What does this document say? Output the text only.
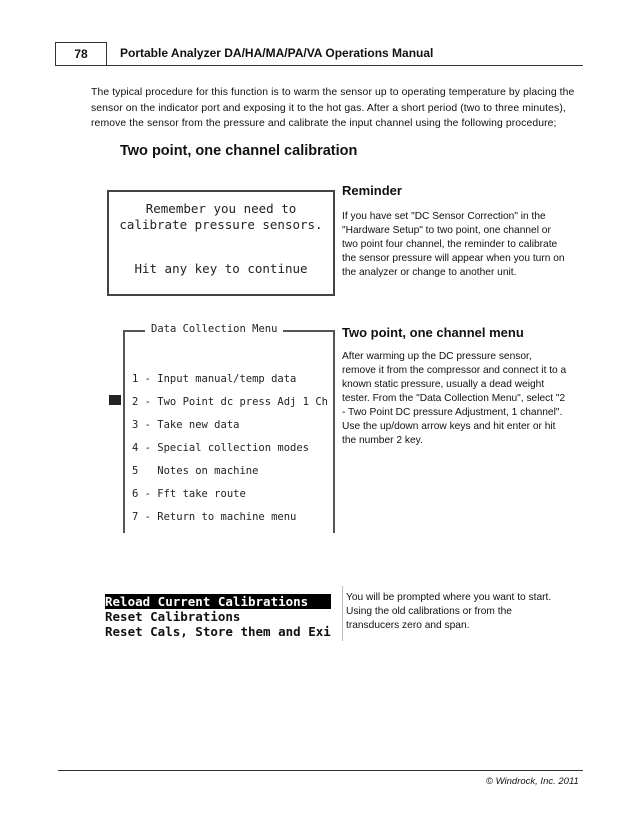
78	Portable Analyzer DA/HA/MA/PA/VA Operations Manual
The typical procedure for this function is to warm the sensor up to operating temperature by placing the sensor on the indicator port and exposing it to the hot gas. After a short period (two to three minutes), remove the sensor from the pressure and calibrate the input channel using the following procedure;
Two point, one channel calibration
Remember you need to
calibrate pressure sensors.
Hit any key to continue
Reminder
If you have set "DC Sensor Correction" in the "Hardware Setup" to two point, one channel or two point four channel, the reminder to calibrate the sensor pressure will appear when you turn on the analyzer or change to another unit.
Data Collection Menu
1 - Input manual/temp data
2 - Two Point dc press Adj 1 Ch
3 - Take new data
4 - Special collection modes
5   Notes on machine
6 - Fft take route
7 - Return to machine menu
Two point, one channel menu
After warming up the DC pressure sensor, remove it from the compressor and connect it to a known static pressure, usually a dead weight tester. From the "Data Collection Menu", select "2 - Two Point DC pressure Adjustment, 1 channel". Use the up/down arrow keys and hit enter or hit the number 2 key.
Reload Current Calibrations
Reset Calibrations
Reset Cals, Store them and Exi
You will be prompted where you want to start. Using the old calibrations or from the transducers zero and span.
© Windrock, Inc. 2011
